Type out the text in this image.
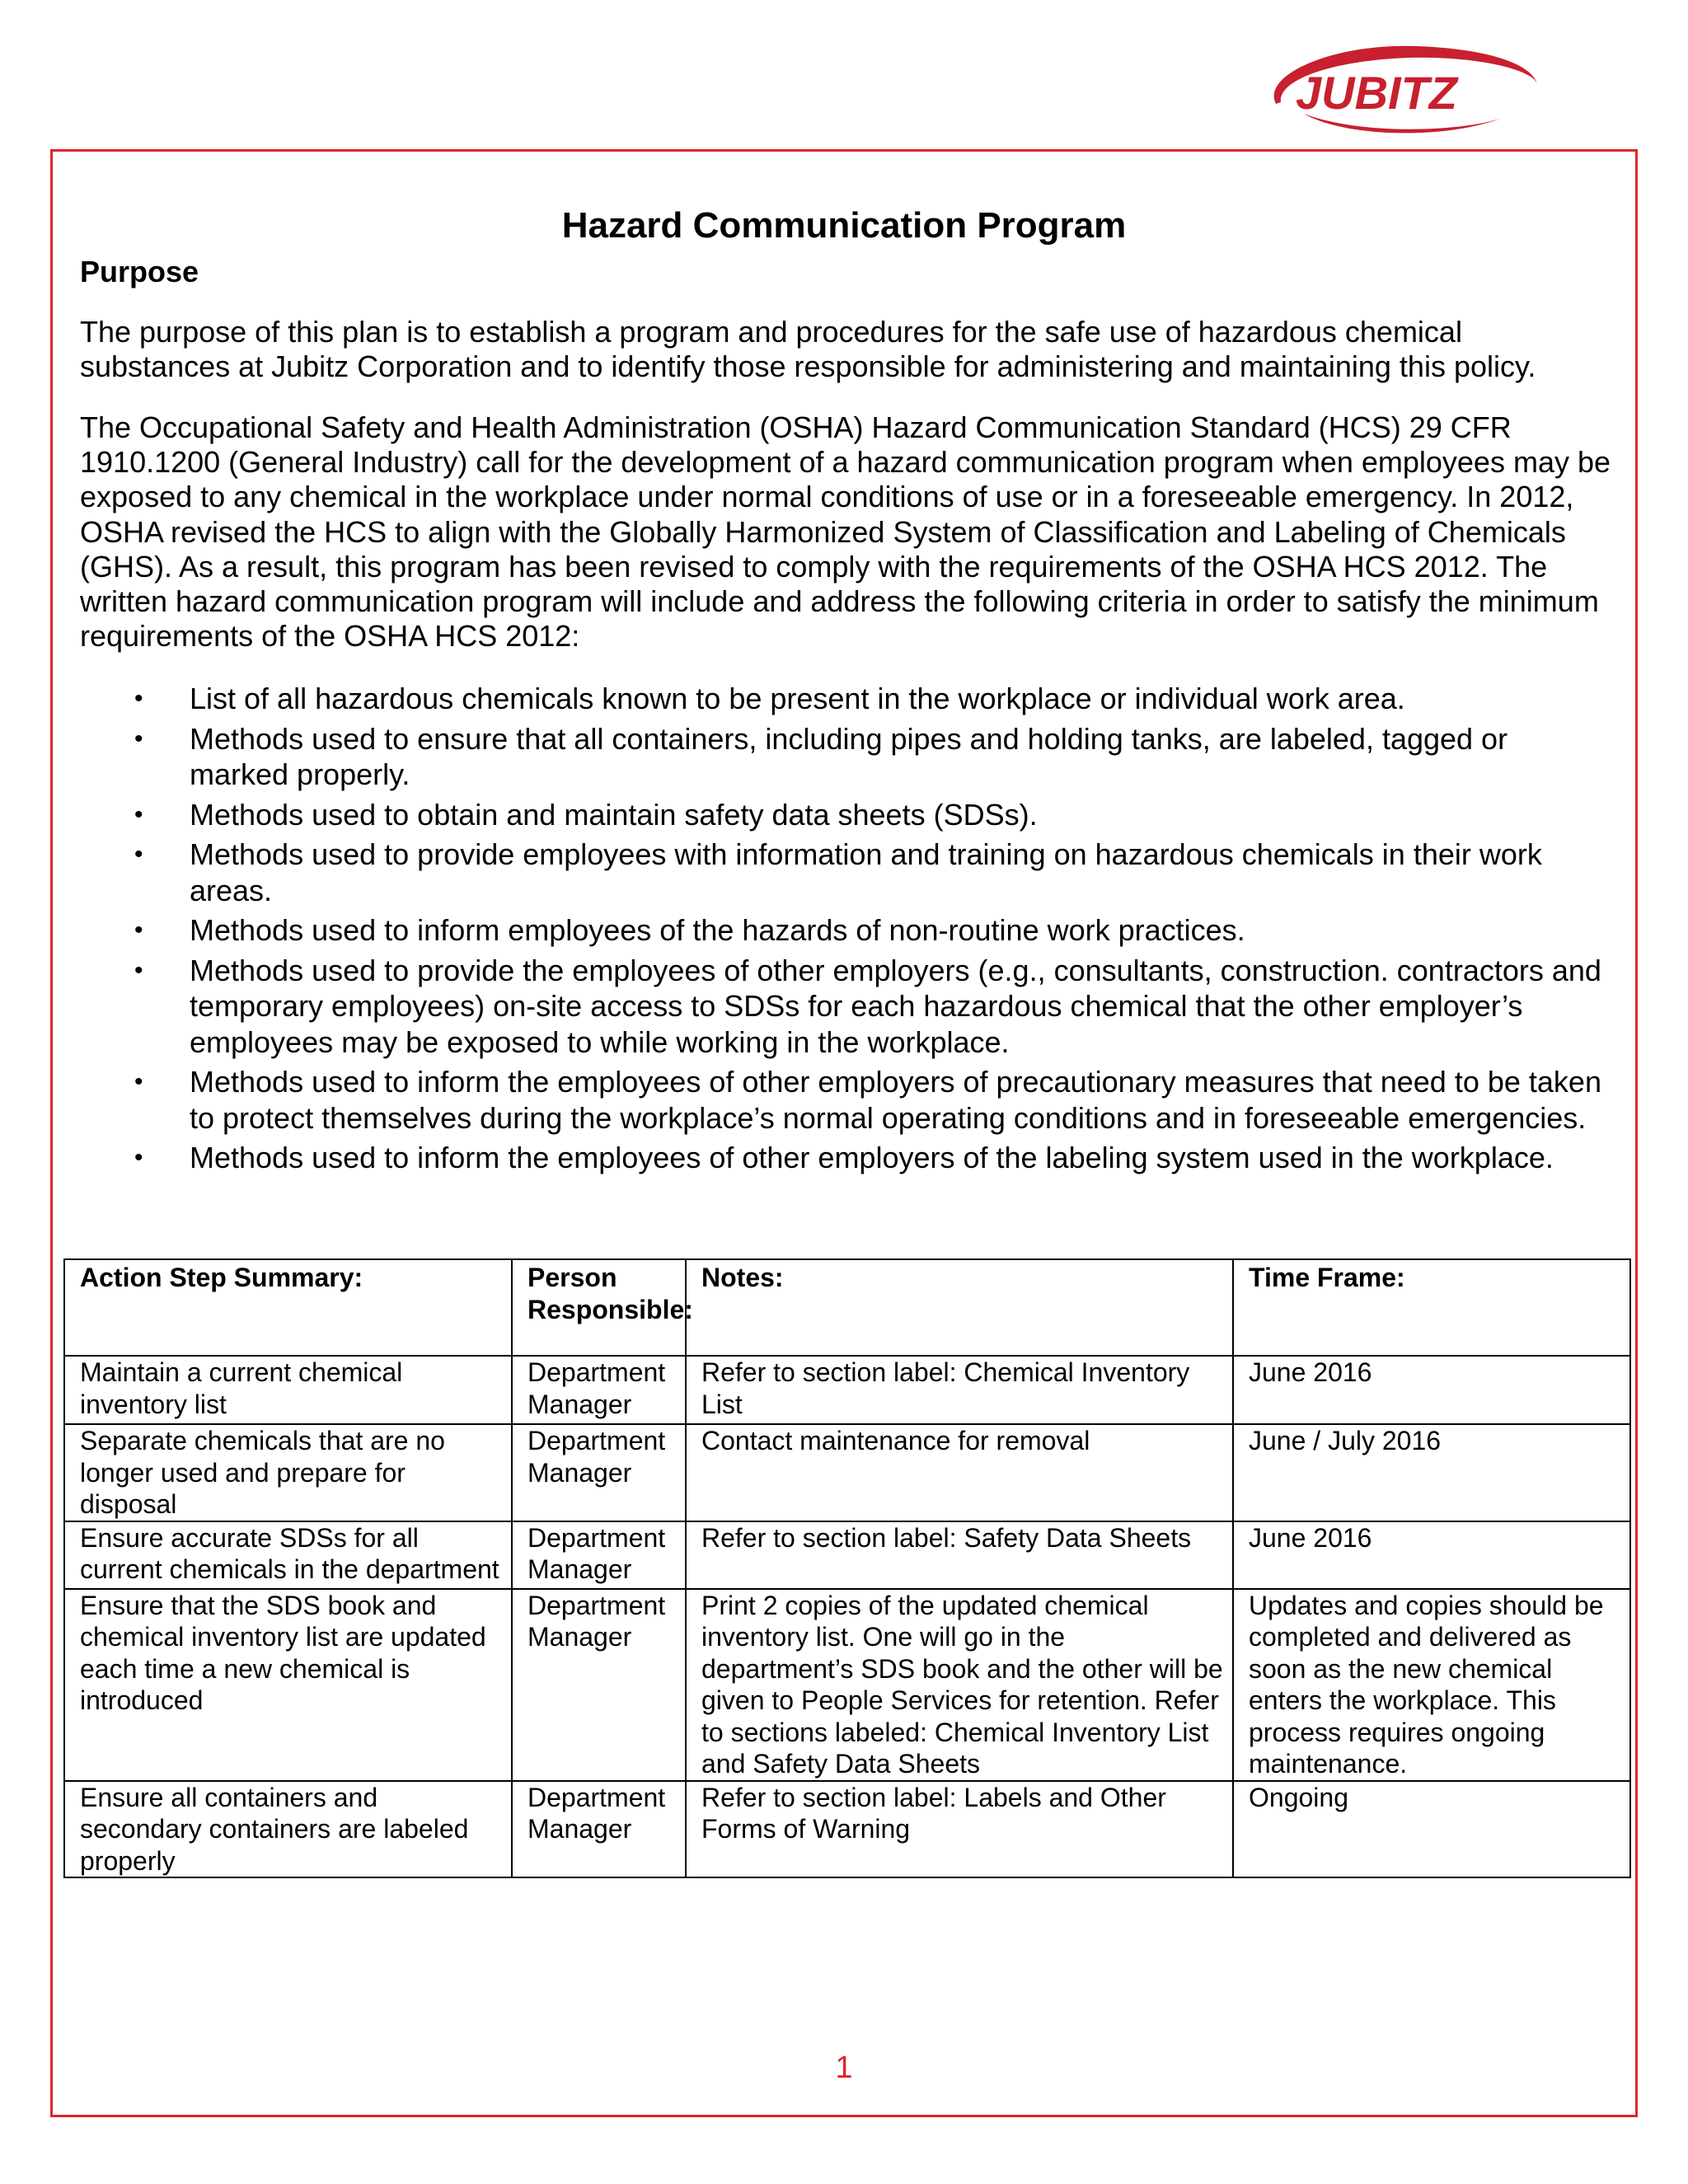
JUBITZ
Hazard Communication Program
Purpose

The purpose of this plan is to establish a program and procedures for the safe use of hazardous chemical substances at Jubitz Corporation and to identify those responsible for administering and maintaining this policy.

The Occupational Safety and Health Administration (OSHA) Hazard Communication Standard (HCS) 29 CFR 1910.1200 (General Industry) call for the development of a hazard communication program when employees may be exposed to any chemical in the workplace under normal conditions of use or in a foreseeable emergency. In 2012, OSHA revised the HCS to align with the Globally Harmonized System of Classification and Labeling of Chemicals (GHS). As a result, this program has been revised to comply with the requirements of the OSHA HCS 2012. The written hazard communication program will include and address the following criteria in order to satisfy the minimum requirements of the OSHA HCS 2012:

• List of all hazardous chemicals known to be present in the workplace or individual work area.
• Methods used to ensure that all containers, including pipes and holding tanks, are labeled, tagged or marked properly.
• Methods used to obtain and maintain safety data sheets (SDSs).
• Methods used to provide employees with information and training on hazardous chemicals in their work areas.
• Methods used to inform employees of the hazards of non-routine work practices.
• Methods used to provide the employees of other employers (e.g., consultants, construction. contractors and temporary employees) on-site access to SDSs for each hazardous chemical that the other employer’s employees may be exposed to while working in the workplace.
• Methods used to inform the employees of other employers of precautionary measures that need to be taken to protect themselves during the workplace’s normal operating conditions and in foreseeable emergencies.
• Methods used to inform the employees of other employers of the labeling system used in the workplace.
Action Step Summary:	Person Responsible:	Notes:	Time Frame:
Maintain a current chemical inventory list	Department Manager	Refer to section label: Chemical Inventory List	June 2016
Separate chemicals that are no longer used and prepare for disposal	Department Manager	Contact maintenance for removal	June / July 2016
Ensure accurate SDSs for all current chemicals in the department	Department Manager	Refer to section label: Safety Data Sheets	June 2016
Ensure that the SDS book and chemical inventory list are updated each time a new chemical is introduced	Department Manager	Print 2 copies of the updated chemical inventory list. One will go in the department’s SDS book and the other will be given to People Services for retention. Refer to sections labeled: Chemical Inventory List and Safety Data Sheets	Updates and copies should be completed and delivered as soon as the new chemical enters the workplace. This process requires ongoing maintenance.
Ensure all containers and secondary containers are labeled properly	Department Manager	Refer to section label: Labels and Other Forms of Warning	Ongoing

1
